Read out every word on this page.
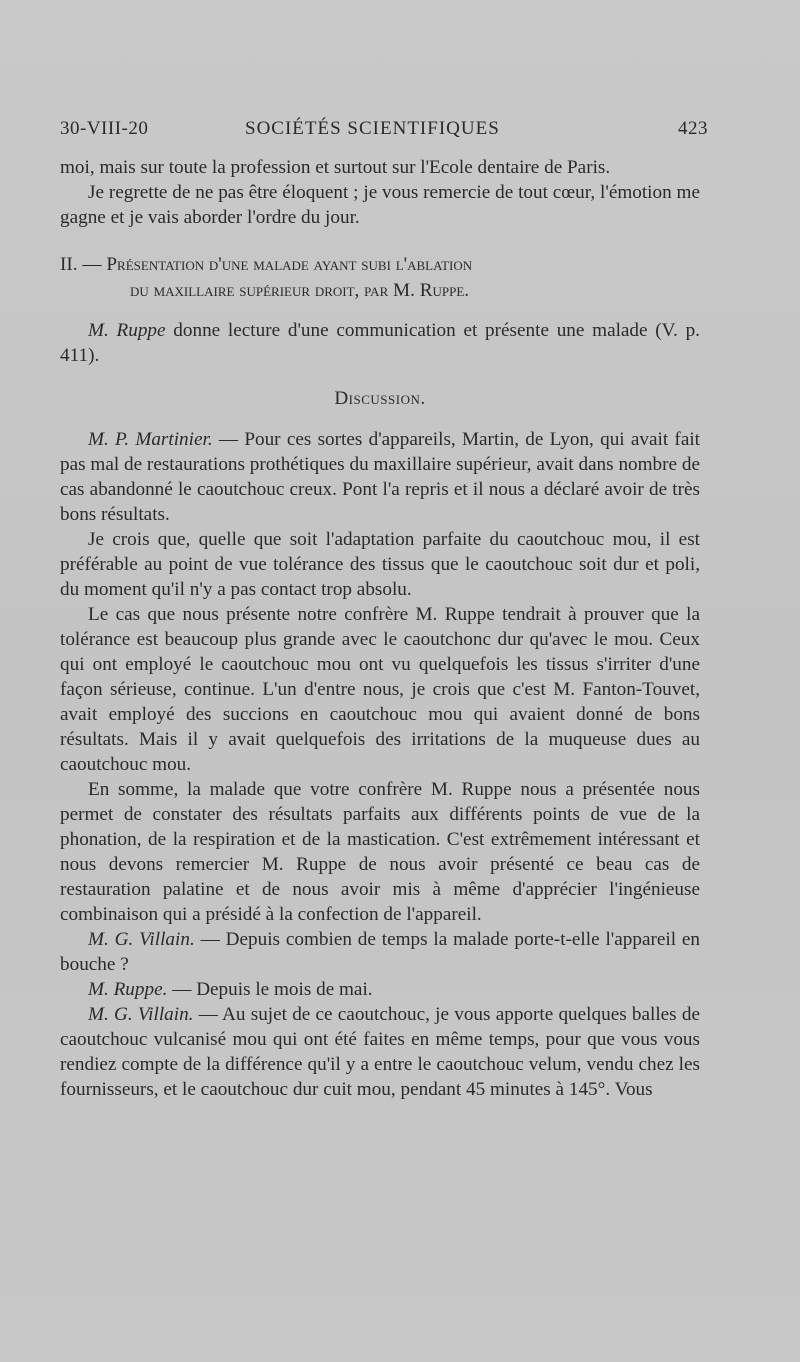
30-VIII-20	SOCIÉTÉS SCIENTIFIQUES	423

moi, mais sur toute la profession et surtout sur l'Ecole dentaire de Paris.

Je regrette de ne pas être éloquent ; je vous remercie de tout cœur, l'émotion me gagne et je vais aborder l'ordre du jour.

II. — Présentation d'une malade ayant subi l'ablation
du maxillaire supérieur droit, par M. Ruppe.

M. Ruppe donne lecture d'une communication et présente une malade (V. p. 411).

Discussion.

M. P. Martinier. — Pour ces sortes d'appareils, Martin, de Lyon, qui avait fait pas mal de restaurations prothétiques du maxillaire supérieur, avait dans nombre de cas abandonné le caoutchouc creux. Pont l'a repris et il nous a déclaré avoir de très bons résultats.

Je crois que, quelle que soit l'adaptation parfaite du caoutchouc mou, il est préférable au point de vue tolérance des tissus que le caoutchouc soit dur et poli, du moment qu'il n'y a pas contact trop absolu.

Le cas que nous présente notre confrère M. Ruppe tendrait à prouver que la tolérance est beaucoup plus grande avec le caoutchonc dur qu'avec le mou. Ceux qui ont employé le caoutchouc mou ont vu quelquefois les tissus s'irriter d'une façon sérieuse, continue. L'un d'entre nous, je crois que c'est M. Fanton-Touvet, avait employé des succions en caoutchouc mou qui avaient donné de bons résultats. Mais il y avait quelquefois des irritations de la muqueuse dues au caoutchouc mou.

En somme, la malade que votre confrère M. Ruppe nous a présentée nous permet de constater des résultats parfaits aux différents points de vue de la phonation, de la respiration et de la mastication. C'est extrêmement intéressant et nous devons remercier M. Ruppe de nous avoir présenté ce beau cas de restauration palatine et de nous avoir mis à même d'apprécier l'ingénieuse combinaison qui a présidé à la confection de l'appareil.

M. G. Villain. — Depuis combien de temps la malade porte-t-elle l'appareil en bouche ?

M. Ruppe. — Depuis le mois de mai.

M. G. Villain. — Au sujet de ce caoutchouc, je vous apporte quelques balles de caoutchouc vulcanisé mou qui ont été faites en même temps, pour que vous vous rendiez compte de la différence qu'il y a entre le caoutchouc velum, vendu chez les fournisseurs, et le caoutchouc dur cuit mou, pendant 45 minutes à 145°. Vous
